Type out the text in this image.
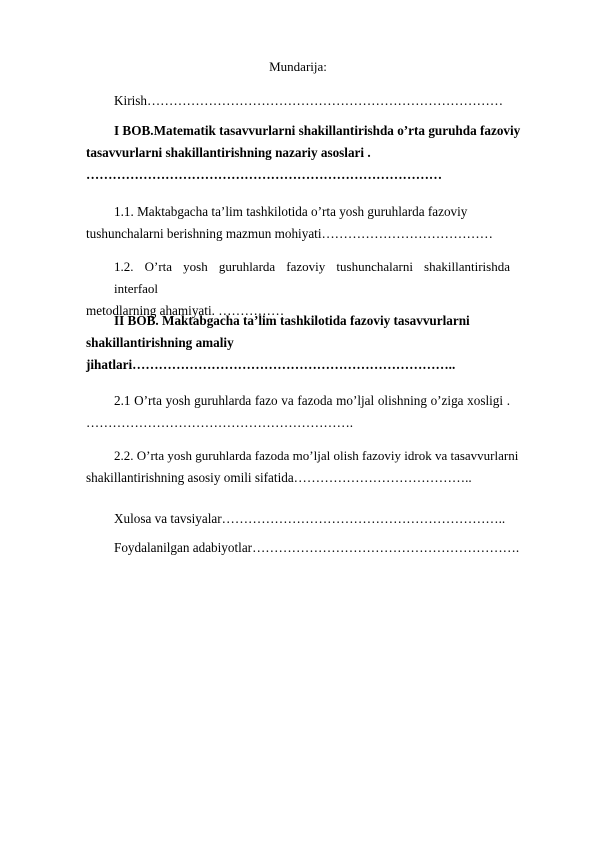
Mundarija:
Kirish………………………………………………………………………
I BOB.Matematik tasavvurlarni shakillantirishda o’rta guruhda fazoviy
tasavvurlarni shakillantirishning nazariy asoslari .
………………………………………………………………………
1.1. Maktabgacha ta’lim tashkilotida o’rta yosh guruhlarda fazoviy
tushunchalarni berishning mazmun mohiyati…………………………………
1.2. O’rta yosh guruhlarda fazoviy tushunchalarni shakillantirishda interfaol
metodlarning ahamiyati. ……………
II BOB. Maktabgacha ta’lim tashkilotida fazoviy tasavvurlarni
shakillantirishning amaliy
jihatlari………………………………………………………………..
2.1 O’rta yosh guruhlarda fazo va fazoda mo’ljal olishning o’ziga xosligi .
…………………………………………………….
2.2. O’rta yosh guruhlarda fazoda mo’ljal olish fazoviy idrok va tasavvurlarni
shakillantirishning asosiy omili sifatida…………………………………..
Xulosa va tavsiyalar………………………………………………………..
Foydalanilgan adabiyotlar…………………………………………………….
